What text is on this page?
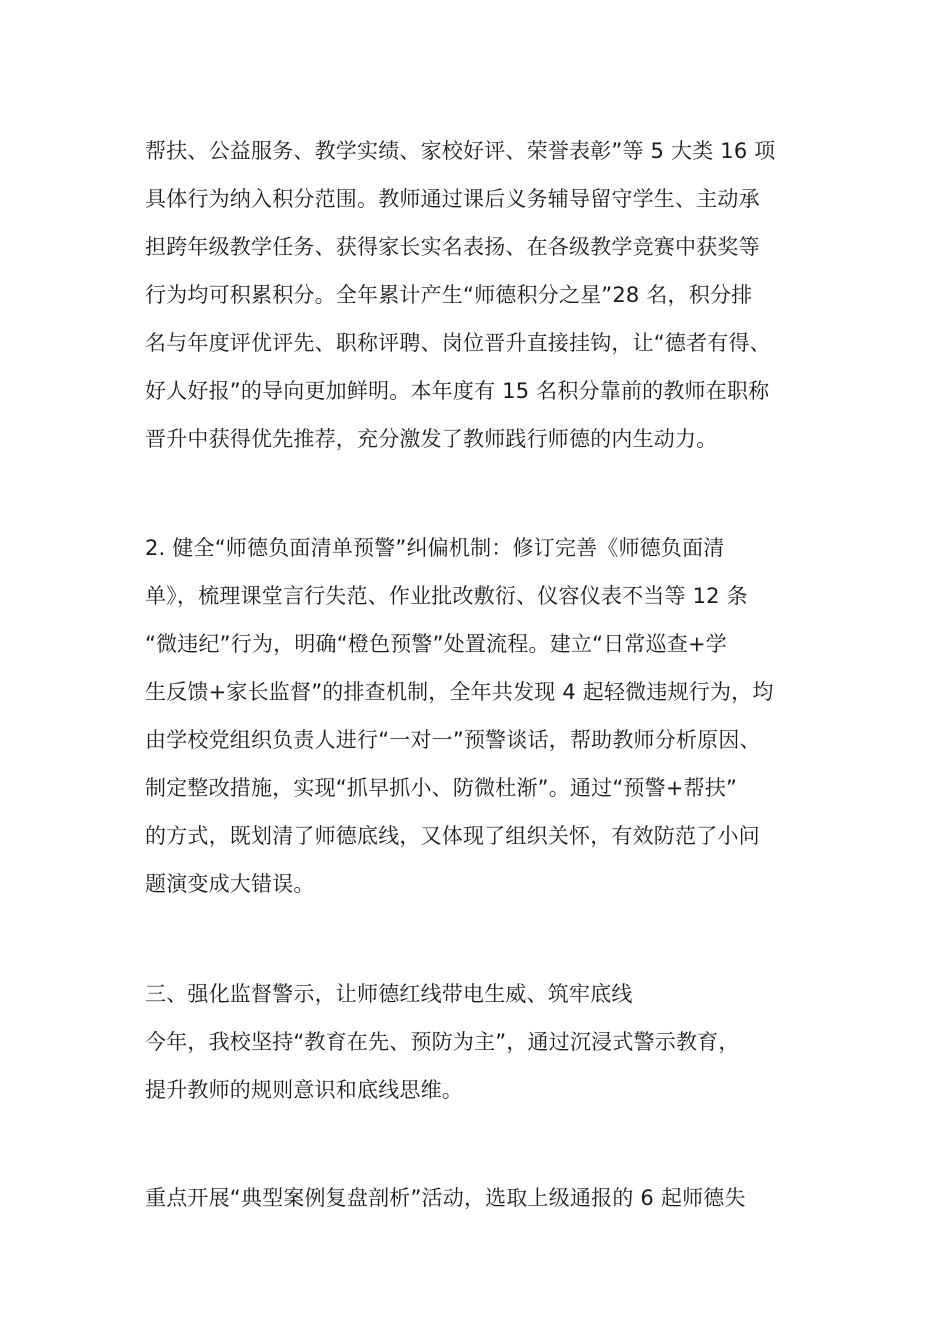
帮扶、公益服务、教学实绩、家校好评、荣誉表彰”等 5 大类 16 项
具体行为纳入积分范围。教师通过课后义务辅导留守学生、主动承
担跨年级教学任务、获得家长实名表扬、在各级教学竞赛中获奖等
行为均可积累积分。全年累计产生“师德积分之星”28 名，积分排
名与年度评优评先、职称评聘、岗位晋升直接挂钩，让“德者有得、
好人好报”的导向更加鲜明。本年度有 15 名积分靠前的教师在职称
晋升中获得优先推荐，充分激发了教师践行师德的内生动力。
2. 健全“师德负面清单预警”纠偏机制：修订完善《师德负面清
单》，梳理课堂言行失范、作业批改敷衍、仪容仪表不当等 12 条
“微违纪”行为，明确“橙色预警”处置流程。建立“日常巡查+学
生反馈+家长监督”的排查机制，全年共发现 4 起轻微违规行为，均
由学校党组织负责人进行“一对一”预警谈话，帮助教师分析原因、
制定整改措施，实现“抓早抓小、防微杜渐”。通过“预警+帮扶”
的方式，既划清了师德底线，又体现了组织关怀，有效防范了小问
题演变成大错误。
三、强化监督警示，让师德红线带电生威、筑牢底线
今年，我校坚持“教育在先、预防为主”，通过沉浸式警示教育，
提升教师的规则意识和底线思维。
重点开展“典型案例复盘剖析”活动，选取上级通报的 6 起师德失
